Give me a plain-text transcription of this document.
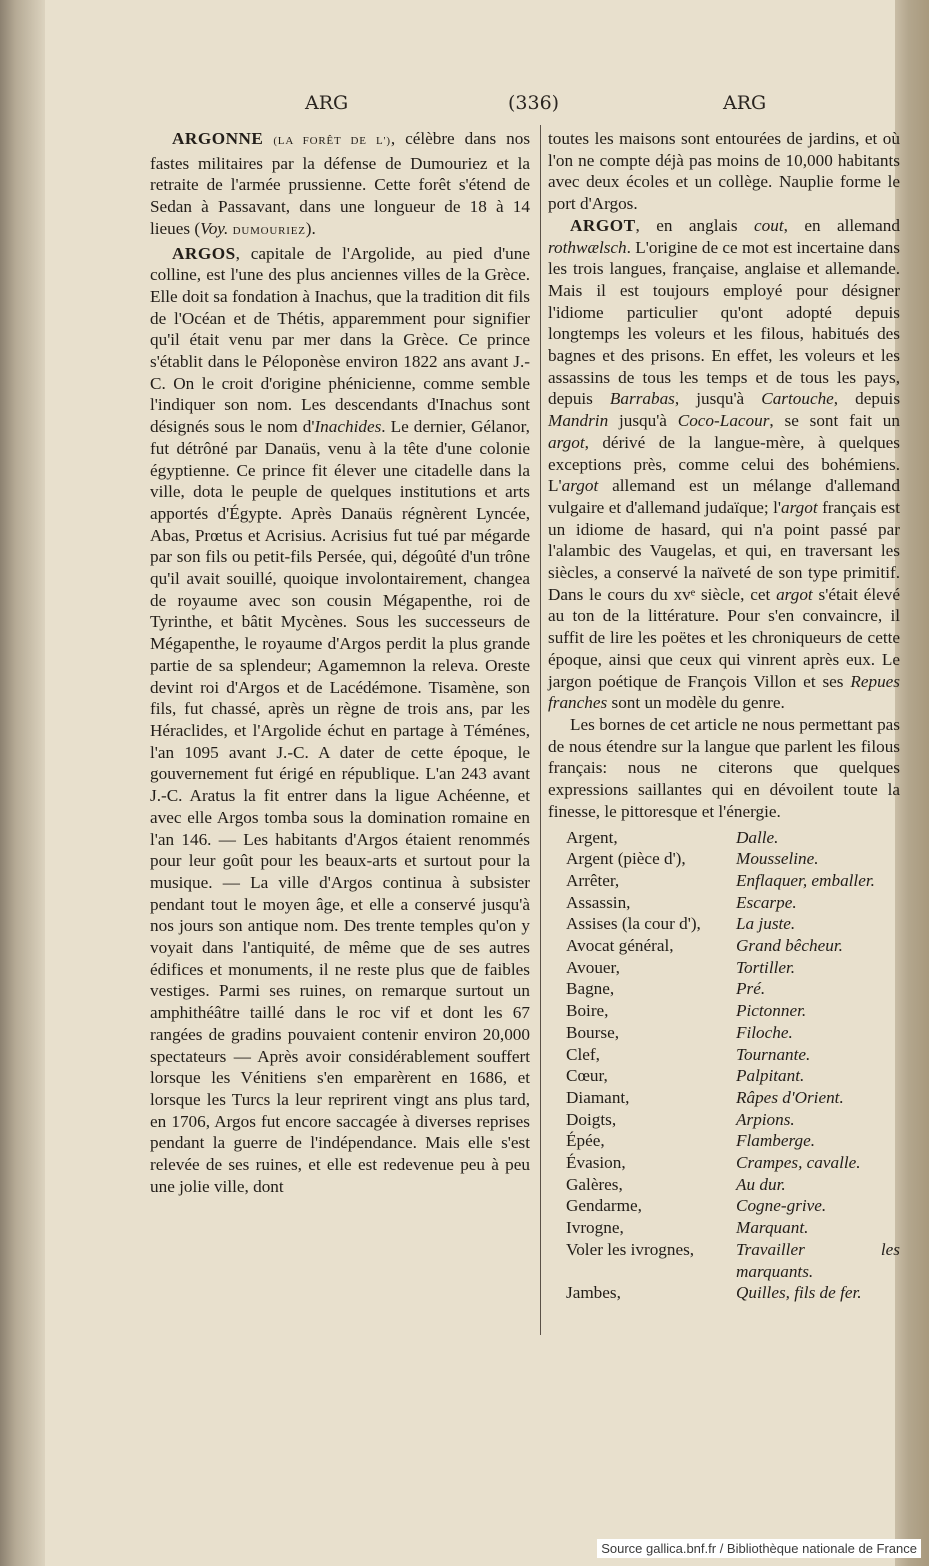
ARG	(336)	ARG

ARGONNE (LA FORÊT DE L'), célèbre dans nos fastes militaires par la défense de Dumouriez et la retraite de l'armée prussienne. Cette forêt s'étend de Sedan à Passavant, dans une longueur de 18 à 14 lieues (Voy. DUMOURIEZ).

ARGOS, capitale de l'Argolide, au pied d'une colline, est l'une des plus anciennes villes de la Grèce. Elle doit sa fondation à Inachus, que la tradition dit fils de l'Océan et de Thétis, apparemment pour signifier qu'il était venu par mer dans la Grèce. Ce prince s'établit dans le Péloponèse environ 1822 ans avant J.-C. On le croit d'origine phénicienne, comme semble l'indiquer son nom. Les descendants d'Inachus sont désignés sous le nom d'Inachides. Le dernier, Gélanor, fut détrôné par Danaüs, venu à la tête d'une colonie égyptienne. Ce prince fit élever une citadelle dans la ville, dota le peuple de quelques institutions et arts apportés d'Égypte. Après Danaüs régnèrent Lyncée, Abas, Prœtus et Acrisius. Acrisius fut tué par mégarde par son fils ou petit-fils Persée, qui, dégoûté d'un trône qu'il avait souillé, quoique involontairement, changea de royaume avec son cousin Mégapenthe, roi de Tyrinthe, et bâtit Mycènes. Sous les successeurs de Mégapenthe, le royaume d'Argos perdit la plus grande partie de sa splendeur; Agamemnon la releva. Oreste devint roi d'Argos et de Lacédémone. Tisamène, son fils, fut chassé, après un règne de trois ans, par les Héraclides, et l'Argolide échut en partage à Téménes, l'an 1095 avant J.-C. A dater de cette époque, le gouvernement fut érigé en république. L'an 243 avant J.-C. Aratus la fit entrer dans la ligue Achéenne, et avec elle Argos tomba sous la domination romaine en l'an 146. — Les habitants d'Argos étaient renommés pour leur goût pour les beaux-arts et surtout pour la musique. — La ville d'Argos continua à subsister pendant tout le moyen âge, et elle a conservé jusqu'à nos jours son antique nom. Des trente temples qu'on y voyait dans l'antiquité, de même que de ses autres édifices et monuments, il ne reste plus que de faibles vestiges. Parmi ses ruines, on remarque surtout un amphithéâtre taillé dans le roc vif et dont les 67 rangées de gradins pouvaient contenir environ 20,000 spectateurs — Après avoir considérablement souffert lorsque les Vénitiens s'en emparèrent en 1686, et lorsque les Turcs la leur reprirent vingt ans plus tard, en 1706, Argos fut encore saccagée à diverses reprises pendant la guerre de l'indépendance. Mais elle s'est relevée de ses ruines, et elle est redevenue peu à peu une jolie ville, dont

toutes les maisons sont entourées de jardins, et où l'on ne compte déjà pas moins de 10,000 habitants avec deux écoles et un collège. Nauplie forme le port d'Argos.

ARGOT, en anglais cout, en allemand rothwælsch. L'origine de ce mot est incertaine dans les trois langues, française, anglaise et allemande. Mais il est toujours employé pour désigner l'idiome particulier qu'ont adopté depuis longtemps les voleurs et les filous, habitués des bagnes et des prisons. En effet, les voleurs et les assassins de tous les temps et de tous les pays, depuis Barrabas, jusqu'à Cartouche, depuis Mandrin jusqu'à Coco-Lacour, se sont fait un argot, dérivé de la langue-mère, à quelques exceptions près, comme celui des bohémiens. L'argot allemand est un mélange d'allemand vulgaire et d'allemand judaïque; l'argot français est un idiome de hasard, qui n'a point passé par l'alambic des Vaugelas, et qui, en traversant les siècles, a conservé la naïveté de son type primitif. Dans le cours du xvᵉ siècle, cet argot s'était élevé au ton de la littérature. Pour s'en convaincre, il suffit de lire les poëtes et les chroniqueurs de cette époque, ainsi que ceux qui vinrent après eux. Le jargon poétique de François Villon et ses Repues franches sont un modèle du genre.

Les bornes de cet article ne nous permettant pas de nous étendre sur la langue que parlent les filous français: nous ne citerons que quelques expressions saillantes qui en dévoilent toute la finesse, le pittoresque et l'énergie.

Argent,	Dalle.
Argent (pièce d'),	Mousseline.
Arrêter,	Enflaquer, emballer.
Assassin,	Escarpe.
Assises (la cour d'),	La juste.
Avocat général,	Grand bêcheur.
Avouer,	Tortiller.
Bagne,	Pré.
Boire,	Pictonner.
Bourse,	Filoche.
Clef,	Tournante.
Cœur,	Palpitant.
Diamant,	Râpes d'Orient.
Doigts,	Arpions.
Épée,	Flamberge.
Évasion,	Crampes, cavalle.
Galères,	Au dur.
Gendarme,	Cogne-grive.
Ivrogne,	Marquant.
Voler les ivrognes,	Travailler les marquants.
Jambes,	Quilles, fils de fer.
Source gallica.bnf.fr / Bibliothèque nationale de France
